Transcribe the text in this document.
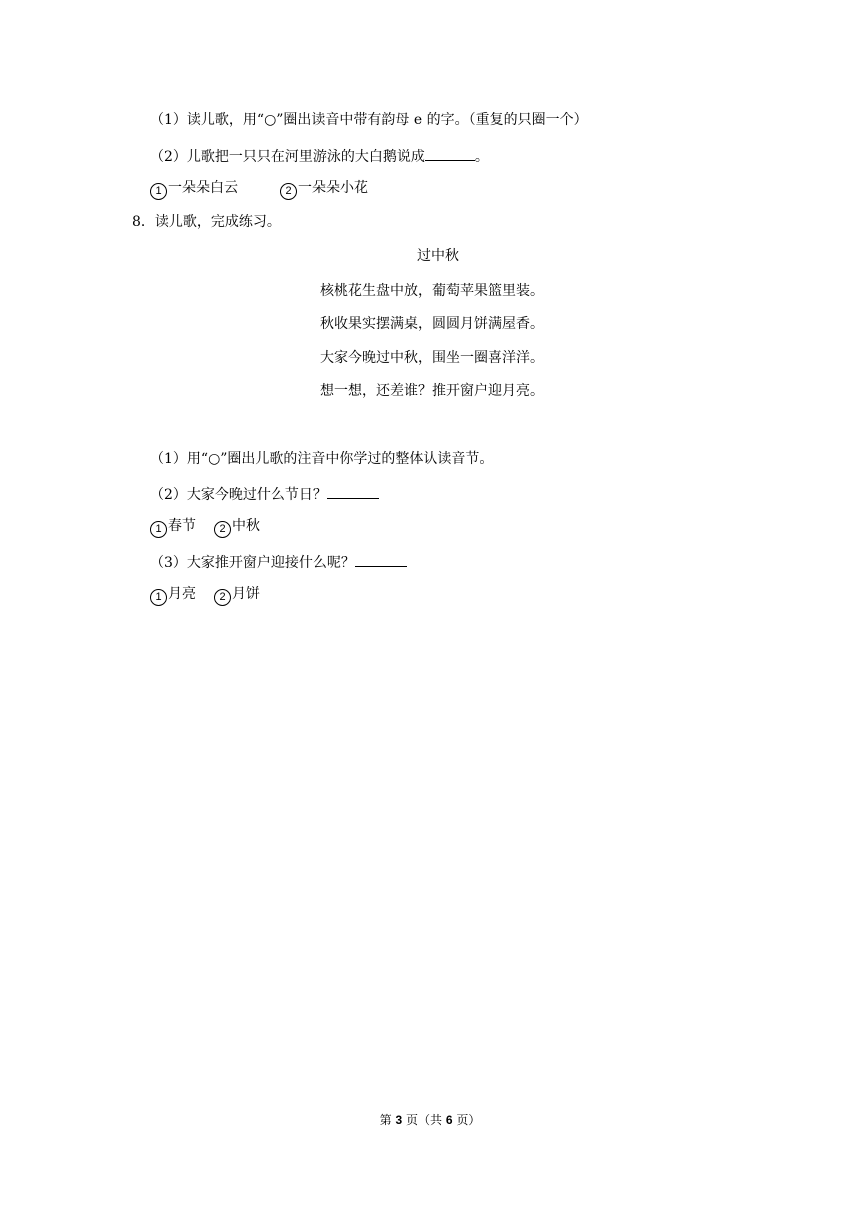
（1）读儿歌，用“○”圈出读音中带有韵母 e 的字。（重复的只圈一个）
（2）儿歌把一只只在河里游泳的大白鹅说成	。
1 一朵朵白云	2 一朵朵小花
8．读儿歌，完成练习。
过中秋
核桃花生盘中放，葡萄苹果篮里装。
秋收果实摆满桌，圆圆月饼满屋香。
大家今晚过中秋，围坐一圈喜洋洋。
想一想，还差谁？推开窗户迎月亮。
（1）用“○”圈出儿歌的注音中你学过的整体认读音节。
（2）大家今晚过什么节日？
1 春节 2 中秋
（3）大家推开窗户迎接什么呢？
1 月亮 2 月饼
第 3 页（共 6 页）
